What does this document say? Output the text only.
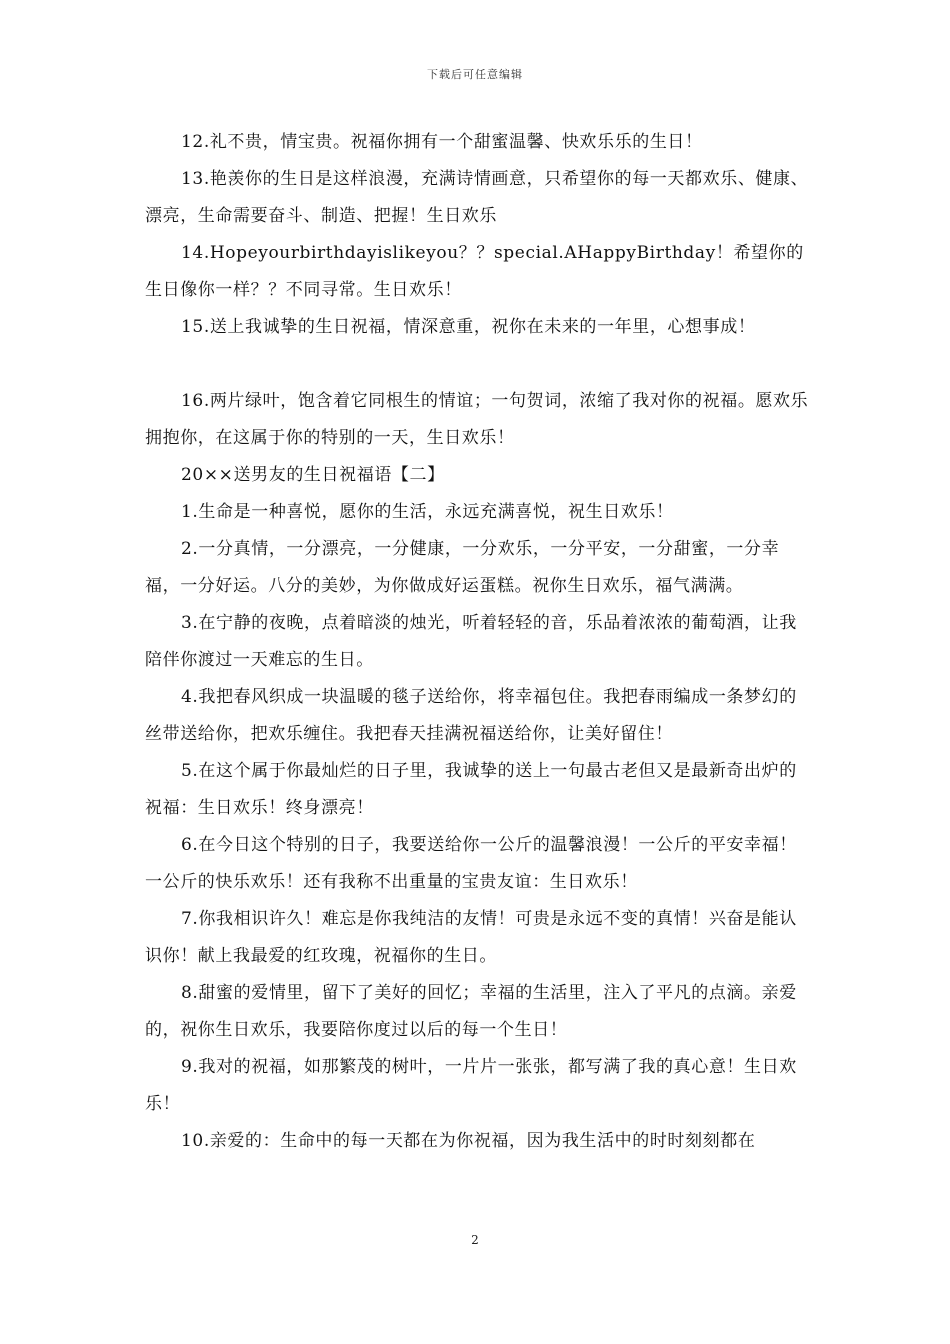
下载后可任意编辑

12.礼不贵，情宝贵。祝福你拥有一个甜蜜温馨、快欢乐乐的生日！

13.艳羡你的生日是这样浪漫，充满诗情画意，只希望你的每一天都欢乐、健康、漂亮，生命需要奋斗、制造、把握！生日欢乐

14.Hopeyourbirthdayislikeyou？？special.AHappyBirthday！希望你的生日像你一样？？不同寻常。生日欢乐！

15.送上我诚挚的生日祝福，情深意重，祝你在未来的一年里，心想事成！

16.两片绿叶，饱含着它同根生的情谊；一句贺词，浓缩了我对你的祝福。愿欢乐拥抱你，在这属于你的特别的一天，生日欢乐！

20××送男友的生日祝福语【二】

1.生命是一种喜悦，愿你的生活，永远充满喜悦，祝生日欢乐！

2.一分真情，一分漂亮，一分健康，一分欢乐，一分平安，一分甜蜜，一分幸福，一分好运。八分的美妙，为你做成好运蛋糕。祝你生日欢乐，福气满满。

3.在宁静的夜晚，点着暗淡的烛光，听着轻轻的音，乐品着浓浓的葡萄酒，让我陪伴你渡过一天难忘的生日。

4.我把春风织成一块温暖的毯子送给你，将幸福包住。我把春雨编成一条梦幻的丝带送给你，把欢乐缠住。我把春天挂满祝福送给你，让美好留住！

5.在这个属于你最灿烂的日子里，我诚挚的送上一句最古老但又是最新奇出炉的祝福：生日欢乐！终身漂亮！

6.在今日这个特别的日子，我要送给你一公斤的温馨浪漫！一公斤的平安幸福！一公斤的快乐欢乐！还有我称不出重量的宝贵友谊：生日欢乐！

7.你我相识许久！难忘是你我纯洁的友情！可贵是永远不变的真情！兴奋是能认识你！献上我最爱的红玫瑰，祝福你的生日。

8.甜蜜的爱情里，留下了美好的回忆；幸福的生活里，注入了平凡的点滴。亲爱的，祝你生日欢乐，我要陪你度过以后的每一个生日！

9.我对的祝福，如那繁茂的树叶，一片片一张张，都写满了我的真心意！生日欢乐！

10.亲爱的：生命中的每一天都在为你祝福，因为我生活中的时时刻刻都在

2
